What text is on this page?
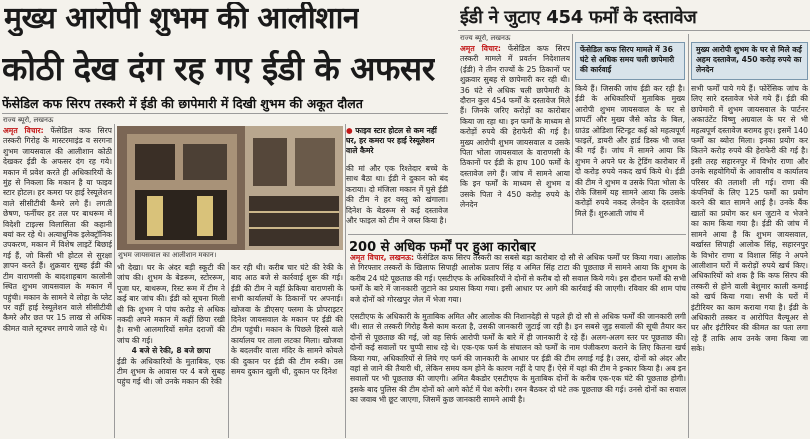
मुख्य आरोपी शुभम की आलीशान
कोठी देख दंग रह गए ईडी के अफसर
फेंसेडिल कफ सिरप तस्करी में ईडी की छापेमारी में दिखी शुभम की अकूत दौलत
राज्य ब्यूरो, लखनऊ
अमृत विचार: फेंसेडिल कफ सिरप तस्करी गिरोह के मास्टरमाइंड व सरगना शुभम जायसवाल की आलीशान कोठी देखकर ईडी के अफसर दंग रह गये। मकान में प्रवेश करते ही अधिकारियों के मुंह से निकला कि मकान है या फाइव स्टार होटल। हर कमरा पर हाई रेस्यूलेशन वाले सीसीटीवी कैमरे लगे हैं। लगती छेषण, फर्नीचर हर तल पर बाथरूम में विदेशी टाइल्स विलासिता की कहानी बयां कर रहे थे। अत्याधुनिक इलेक्ट्रॉनिक उपकरण, मकान में विशेष लाइटें बिछाई गई हैं, जो किसी भी होटल से सुरक्षा ज्ञापन करते हैं। शुक्रवार सुबह ईडी की टीम वाराणसी के बादशाहबाग कालोनी स्थित शुभम जायसवाल के मकान में पहुंची। मकान के सामने ये लोहा के प्लेट पर वहीं हाई रेस्यूलेशन वाले सीसीटीवी कैमरे और छत पर 15 लाख से अधिक कीमत वाले स्ट्रक्चर लगाये जाते रहे थे।
शुभम जायसवाल का आलीशान मकान।
● फाइव स्टार होटल से कम नहीं घर, हर कमरा पर हाई रेस्यूलेशन वाले कैमरे
की मां और एक रिश्तेदार बच्चे के साथ बैठा था। ईडी ने दुकान को बंद कराया। दो मंजिला मकान में घुसे ईडी की टीम ने हर वस्तु को खंगाला। दिनेश के बेडरूम से कई दस्तावेज और फाइल को टीम ने जब्त किया है।
भी देखा। घर के अंदर बड़ी स्कूटी की जांच की। शुभम के बेडरूम, स्टोररूम, पूजा घर, बाथरूम, रिस्ट रूम में टीम ने कई बार जांच की। ईडी को सूचना मिली थी कि शुभम ने पांच करोड़ से अधिक नकदी अपने मकान में कहीं छिपा रखी है। सभी आलमारियों समेत दराजों की जांच की गई।
4 बजे से रेकी, 8 बजे छापा
ईडी के अधिकारियों के मुताबिक, एक टीम शुभम के आवास पर 4 बजे सुबह पहुंच गई थी। जो उनके मकान की रेकी
कर रही थी। करीब चार घंटे की रेकी के बाद आठ बजे से कार्रवाई शुरू की गई। ईडी की टीम ने यहीं फ्रेकिया वाराणसी के सभी कार्यालयों के ठिकानों पर अपनाई। खोजवा के डीएसए फ्लमा के प्रोपराइटर दिनेश जायसवाल के मकान पर ईडी की टीम पहुंची। मकान के पिछले हिस्से वाले कार्यालय पर ताला लटका मिला। खोजवा के बदलवीर वाला मंदिर के सामने कोयले की दुकान पर ईडी की टीम रुकी। उस समय दुकान खुली थी, दुकान पर दिनेश
ईडी ने जुटाए 454 फर्मों के दस्तावेज
राज्य ब्यूरो, लखनऊ
अमृत विचार: फेंसेडिल कफ सिरप तस्करी मामले में प्रवर्तन निदेशालय (ईडी) ने तीन राज्यों के 25 ठिकानों पर शुक्रवार सुबह से छापेमारी कर रही थी। 36 घंटे से अधिक चली छापेमारी के दौरान कुल 454 फर्मों के दस्तावेज मिले हैं। जिनके जरिए करोड़ों का कारोबार किया जा रहा था। इन फर्मों के माध्यम से करोड़ों रुपये की हेराफेरी की गई है। मुख्य आरोपी शुभम जायसवाल व उसके पिता भोला जायसवाल के वाराणसी के ठिकानों पर ईडी के हाथ 100 फर्मों के दस्तावेज लगे हैं। जांच में सामने आया कि इन फर्मों के माध्यम से शुभम व उसके पिता ने 450 करोड़ रुपये के लेनदेन
फेंसेडिल कफ सिरप मामले में 36 घंटे से अधिक समय चली छापेमारी की कार्रवाई
किये हैं। जिसकी जांच ईडी कर रही है। ईडी के अधिकारियों मुताबिक मुख्य आरोपी शुभम जायसवाल के घर से प्रापर्टी और मुख्य जैसे कोड के बिल, ग्राउंड ओडिशा स्टिन्ड्रट कई को महत्वपूर्ण फाइलें, डायरी और हार्ड डिस्क भी जब्त की गई हैं। जांच में सामने आया कि शुभम ने अपने घर के ट्रेडिंग कारोबार में दो करोड़ रुपये नकद खर्च किये थे। ईडी की टीम ने शुभम व उसके पिता भोला के रोके जिसमें यह सामने आया कि उसके करोड़ों रुपये नकद लेनदेन के दस्तावेज मिले हैं। शुरुआती जांच में
मुख्य आरोपी शुभम के घर से मिले कई अहम दस्तावेज, 450 करोड़ रुपये का लेनदेन
सभी फर्मों पाये गये हैं। फोरेंसिक जांच के लिए सारे दस्तावेज भेजे गये हैं। ईडी की छापेमारी में शुभम जायसवाल के पार्टनर अकाउंटेंट विष्णु अग्रवाल के घर से भी महत्वपूर्ण दस्तावेज बरामद हुए। इसमें 140 फर्मों का ब्योरा मिला। इनका प्रयोग कर कितने करोड़ रुपये की हेराफेरी की गई है। इसी तरह सहारनपुर में विभोर राणा और उनके सहयोगियों के आवासीय व कार्यालय परिसर की तलाशी ली गई। राणा की कंपनियों के लिए 125 फर्मों का प्रयोग करने की बात सामने आई है। उनके बैंक खातों का प्रयोग कर धन जुटाने व भेजने का काम किया गया है। ईडी की जांच में सामने आया है कि शुभम जायसवाल, बर्खास्त सिपाही आलोक सिंह, सहारनपुर के विभोर राणा व विशाल सिंह ने अपने आलीशान घरों में करोड़ों रुपये खर्च किए। अधिकारियों को शक है कि कफ सिरप की तस्करी से होने वाली बेशुमार काली कमाई को खर्च किया गया। सभी के घरों में इंटीरियर का काम कराया गया है। ईडी के अधिकारी तस्कर व आरोपित वैल्यूअर से घर और इंटीरियर की कीमत का पता लगा रहे हैं ताकि आय उनके जमा किया जा सके।
200 से अधिक फर्मों पर हुआ कारोबार
अमृत विचार, लखनऊ: फेंसेडिल कफ सिरप तस्करी का सबसे बड़ा कारोबार दो सौ से अधिक फर्मों पर किया गया। आलोक से गिरफ्तार तस्करों के खिलाफ सिपाही आलोक प्रताप सिंह व अमित सिंह टाटा की पूछताछ में सामने आया कि शुभम के करीब 24 घंटे पूछताछ की गई। एसटीएफ के अधिकारियों ने दोनों से करीब दो सौ सवाल किये गये। इस दौरान फर्मों की सभी फर्मों के बारे में जानकारी जुटाने का प्रयास किया गया। इसी आधार पर आगे की कार्रवाई की जाएगी। रविवार की शाम पांच बजे दोनों को गोरखपुर जेल में भेजा गया।
एसटीएफ के अधिकारी के मुताबिक अमित और आलोक की निशानदेही से पहले ही दो सौ से अधिक फर्मों की जानकारी लगी थी। सात से तस्करी गिरोह कैसे काम करता है, उसकी जानकारी जुटाई जा रही है। इन सबसे जुड़ सवालों की सूची तैयार कर दोनों से पूछताछ की गई, जो वह सिर्फ आरोपी फर्मों के बारे में ही जानकारी दे रहे हैं। अलग-अलग स्तर पर पूछताछ की। दोनों कई सवालों पर चुप्पी साध रहे थे। एक-एक फर्म के संचालन को फर्मों के नाम पंजीकरण कराने के लिए कितना खर्च किया गया, अधिकारियों से लिये गए फर्म की जानकारी के आधार पर ईडी की टीम लगाई गई है। उसर, दोनों को अंदर और वहां से जाने की तैयारी थी, लेकिन समय कम होने के कारण नहीं दे पाए हैं। ऐसे में यहां की टीम ने इन्कार किया है। अब इन सवालों पर भी पूछताछ की जाएगी। अमित बैकडोर एसटीएफ के मुताबिक दोनों के करीब एक-एक घंटे की पूछताछ होगी। इसके बाद पुलिस की टीम दोनों को आगे कोर्ट में पेश करेगी। रमन बैठकर दो घंटे तक पूछताछ की गई। उनसे दोनों का सवाल का जवाब भी छूट जाएगा, जिसमें कुछ जानकारी सामने आयी है।
